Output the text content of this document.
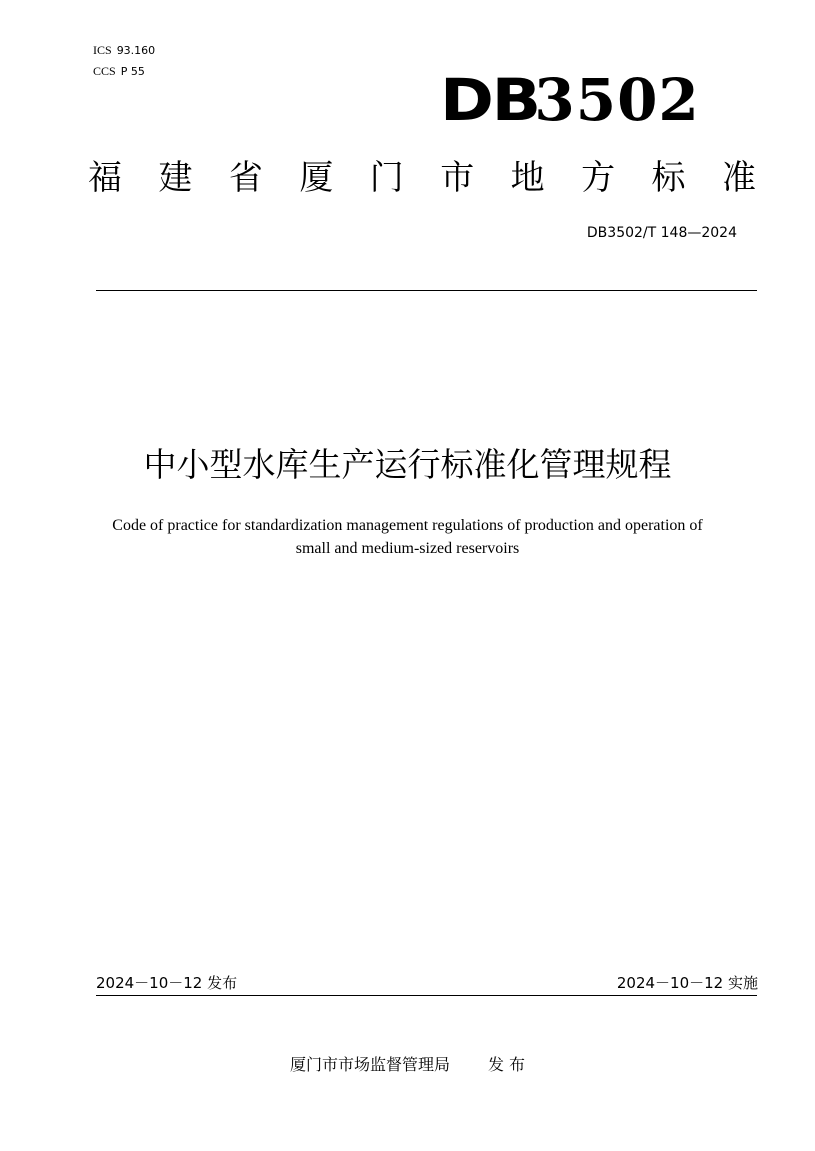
ICS 93.160
CCS P 55	DB3502
福 建 省 厦 门 市 地 方 标 准
DB3502/T 148—2024
中小型水库生产运行标准化管理规程
Code of practice for standardization management regulations of production and operation of small and medium-sized reservoirs
2024－10－12 发布	2024－10－12 实施
厦门市市场监督管理局 发 布
